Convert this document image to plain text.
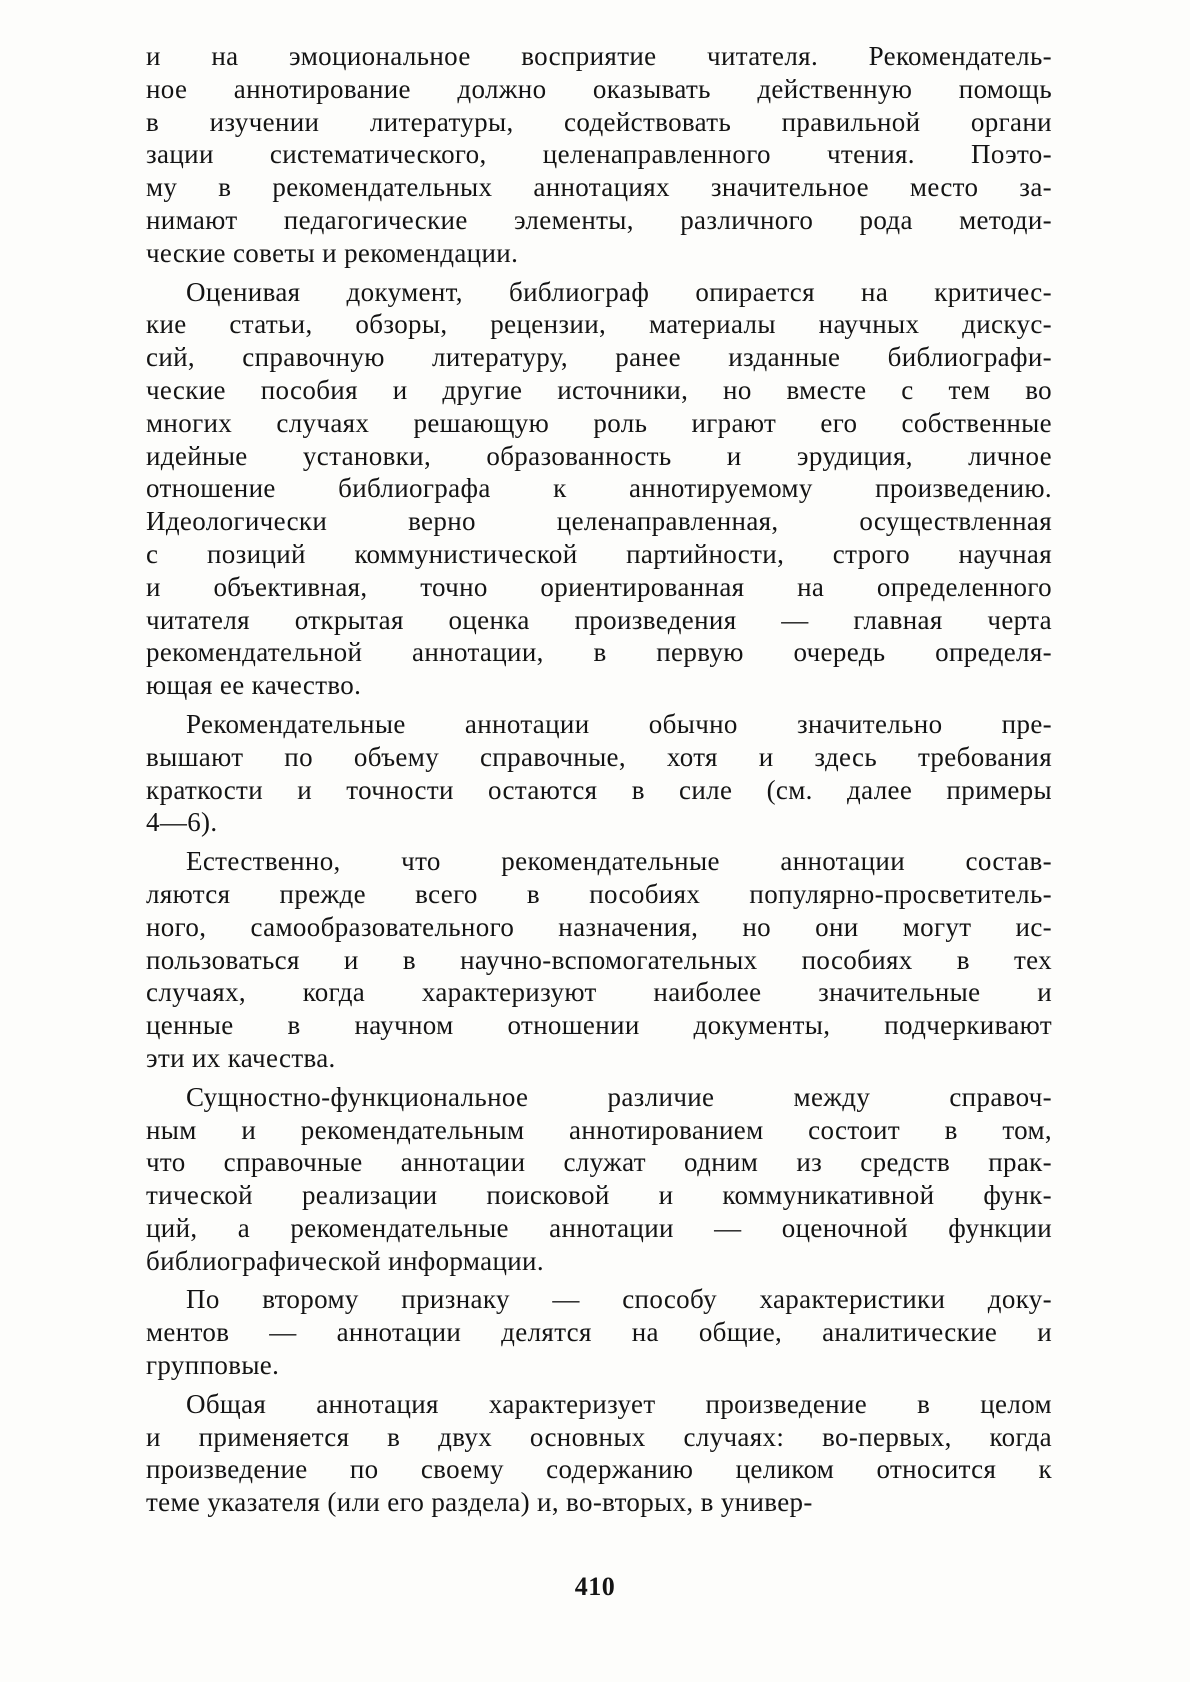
и на эмоциональное восприятие читателя. Рекомендатель-
ное аннотирование должно оказывать действенную помощь
в изучении литературы, содействовать правильной органи
зации систематического, целенаправленного чтения. Поэто-
му в рекомендательных аннотациях значительное место за-
нимают педагогические элементы, различного рода методи-
ческие советы и рекомендации.
Оценивая документ, библиограф опирается на критичес-
кие статьи, обзоры, рецензии, материалы научных дискус-
сий, справочную литературу, ранее изданные библиографи-
ческие пособия и другие источники, но вместе с тем во
многих случаях решающую роль играют его собственные
идейные установки, образованность и эрудиция, личное
отношение библиографа к аннотируемому произведению.
Идеологически верно целенаправленная, осуществленная
с позиций коммунистической партийности, строго научная
и объективная, точно ориентированная на определенного
читателя открытая оценка произведения — главная черта
рекомендательной аннотации, в первую очередь определя-
ющая ее качество.
Рекомендательные аннотации обычно значительно пре-
вышают по объему справочные, хотя и здесь требования
краткости и точности остаются в силе (см. далее примеры
4—6).
Естественно, что рекомендательные аннотации состав-
ляются прежде всего в пособиях популярно-просветитель-
ного, самообразовательного назначения, но они могут ис-
пользоваться и в научно-вспомогательных пособиях в тех
случаях, когда характеризуют наиболее значительные и
ценные в научном отношении документы, подчеркивают
эти их качества.
Сущностно-функциональное различие между справоч-
ным и рекомендательным аннотированием состоит в том,
что справочные аннотации служат одним из средств прак-
тической реализации поисковой и коммуникативной функ-
ций, а рекомендательные аннотации — оценочной функции
библиографической информации.
По второму признаку — способу характеристики доку-
ментов — аннотации делятся на общие, аналитические и
групповые.
Общая аннотация характеризует произведение в целом
и применяется в двух основных случаях: во-первых, когда
произведение по своему содержанию целиком относится к
теме указателя (или его раздела) и, во-вторых, в универ-
410
